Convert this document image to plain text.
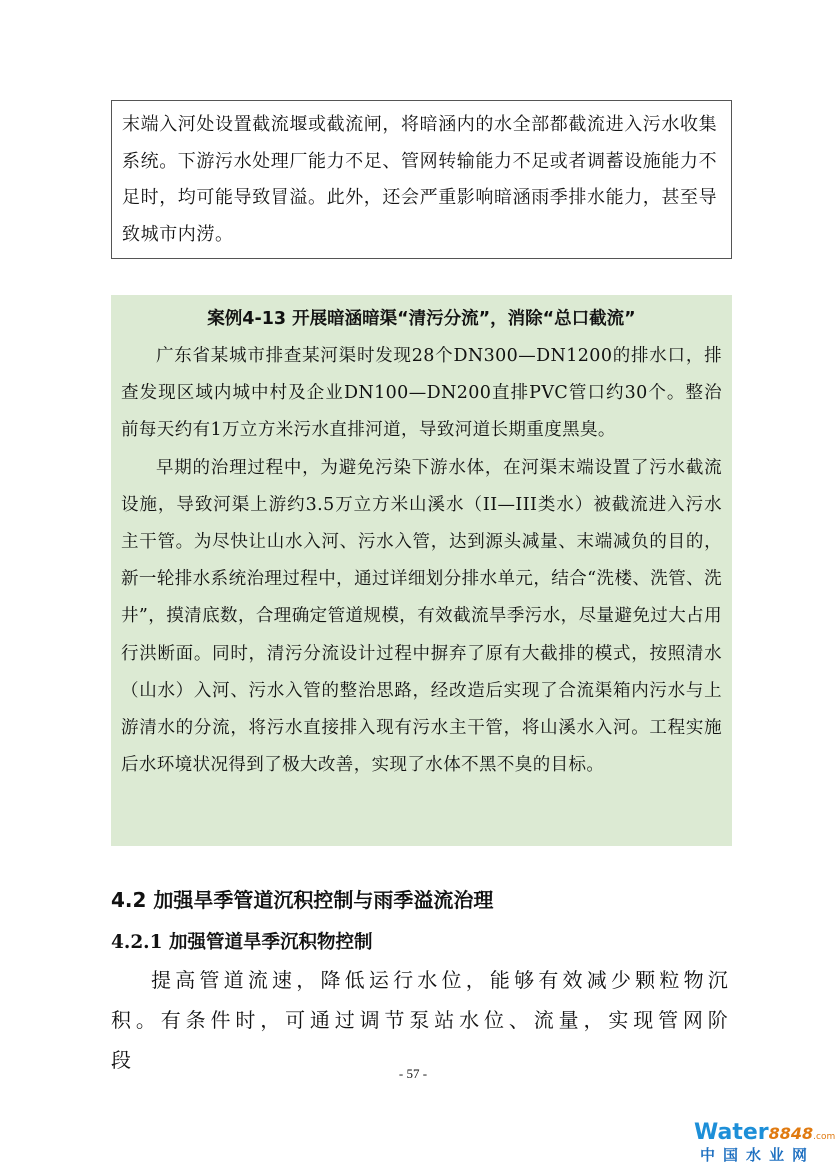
末端入河处设置截流堰或截流闸，将暗涵内的水全部都截流进入污水收集系统。下游污水处理厂能力不足、管网转输能力不足或者调蓄设施能力不足时，均可能导致冒溢。此外，还会严重影响暗涵雨季排水能力，甚至导致城市内涝。

案例4-13 开展暗涵暗渠“清污分流”，消除“总口截流”

广东省某城市排查某河渠时发现28个DN300—DN1200的排水口，排查发现区域内城中村及企业DN100—DN200直排PVC管口约30个。整治前每天约有1万立方米污水直排河道，导致河道长期重度黑臭。

早期的治理过程中，为避免污染下游水体，在河渠末端设置了污水截流设施，导致河渠上游约3.5万立方米山溪水（II—III类水）被截流进入污水主干管。为尽快让山水入河、污水入管，达到源头减量、末端减负的目的，新一轮排水系统治理过程中，通过详细划分排水单元，结合“洗楼、洗管、洗井”，摸清底数，合理确定管道规模，有效截流旱季污水，尽量避免过大占用行洪断面。同时，清污分流设计过程中摒弃了原有大截排的模式，按照清水（山水）入河、污水入管的整治思路，经改造后实现了合流渠箱内污水与上游清水的分流，将污水直接排入现有污水主干管，将山溪水入河。工程实施后水环境状况得到了极大改善，实现了水体不黑不臭的目标。

4.2 加强旱季管道沉积控制与雨季溢流治理
4.2.1 加强管道旱季沉积物控制

提高管道流速，降低运行水位，能够有效减少颗粒物沉积。有条件时，可通过调节泵站水位、流量，实现管网阶段

- 57 -

Water8848.com
中国水业网
